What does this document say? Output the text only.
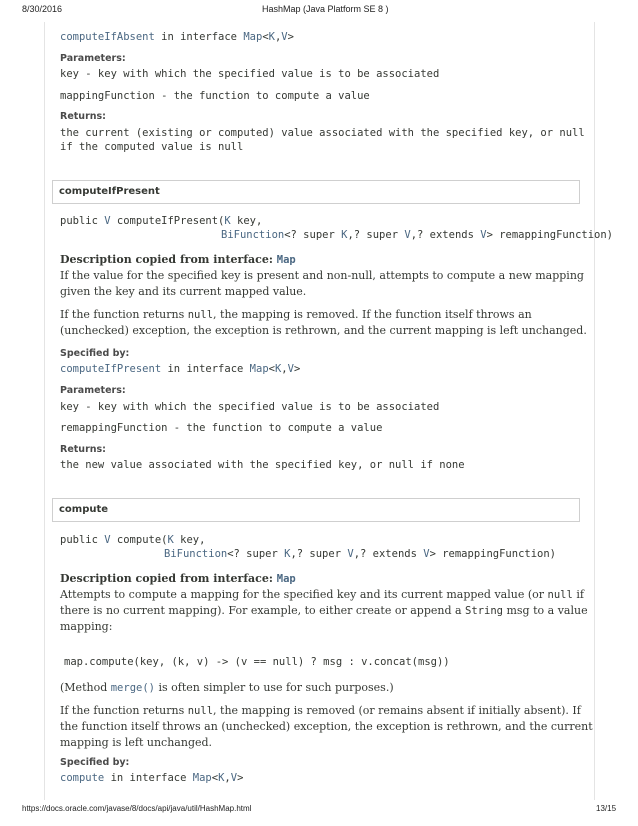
8/30/2016	HashMap (Java Platform SE 8 )
https://docs.oracle.com/javase/8/docs/api/java/util/HashMap.html	13/15
computeIfAbsent in interface Map<K,V>
Parameters:
key - key with which the specified value is to be associated
mappingFunction - the function to compute a value
Returns:
the current (existing or computed) value associated with the specified key, or null
if the computed value is null
computeIfPresent
public V computeIfPresent(K key,
BiFunction<? super K,? super V,? extends V> remappingFunction)
Description copied from interface: Map
If the value for the specified key is present and non-null, attempts to compute a new mapping
given the key and its current mapped value.
If the function returns null, the mapping is removed. If the function itself throws an
(unchecked) exception, the exception is rethrown, and the current mapping is left unchanged.
Specified by:
computeIfPresent in interface Map<K,V>
Parameters:
key - key with which the specified value is to be associated
remappingFunction - the function to compute a value
Returns:
the new value associated with the specified key, or null if none
compute
public V compute(K key,
BiFunction<? super K,? super V,? extends V> remappingFunction)
Description copied from interface: Map
Attempts to compute a mapping for the specified key and its current mapped value (or null if
there is no current mapping). For example, to either create or append a String msg to a value
mapping:
map.compute(key, (k, v) -> (v == null) ? msg : v.concat(msg))
(Method merge() is often simpler to use for such purposes.)
If the function returns null, the mapping is removed (or remains absent if initially absent). If
the function itself throws an (unchecked) exception, the exception is rethrown, and the current
mapping is left unchanged.
Specified by:
compute in interface Map<K,V>
